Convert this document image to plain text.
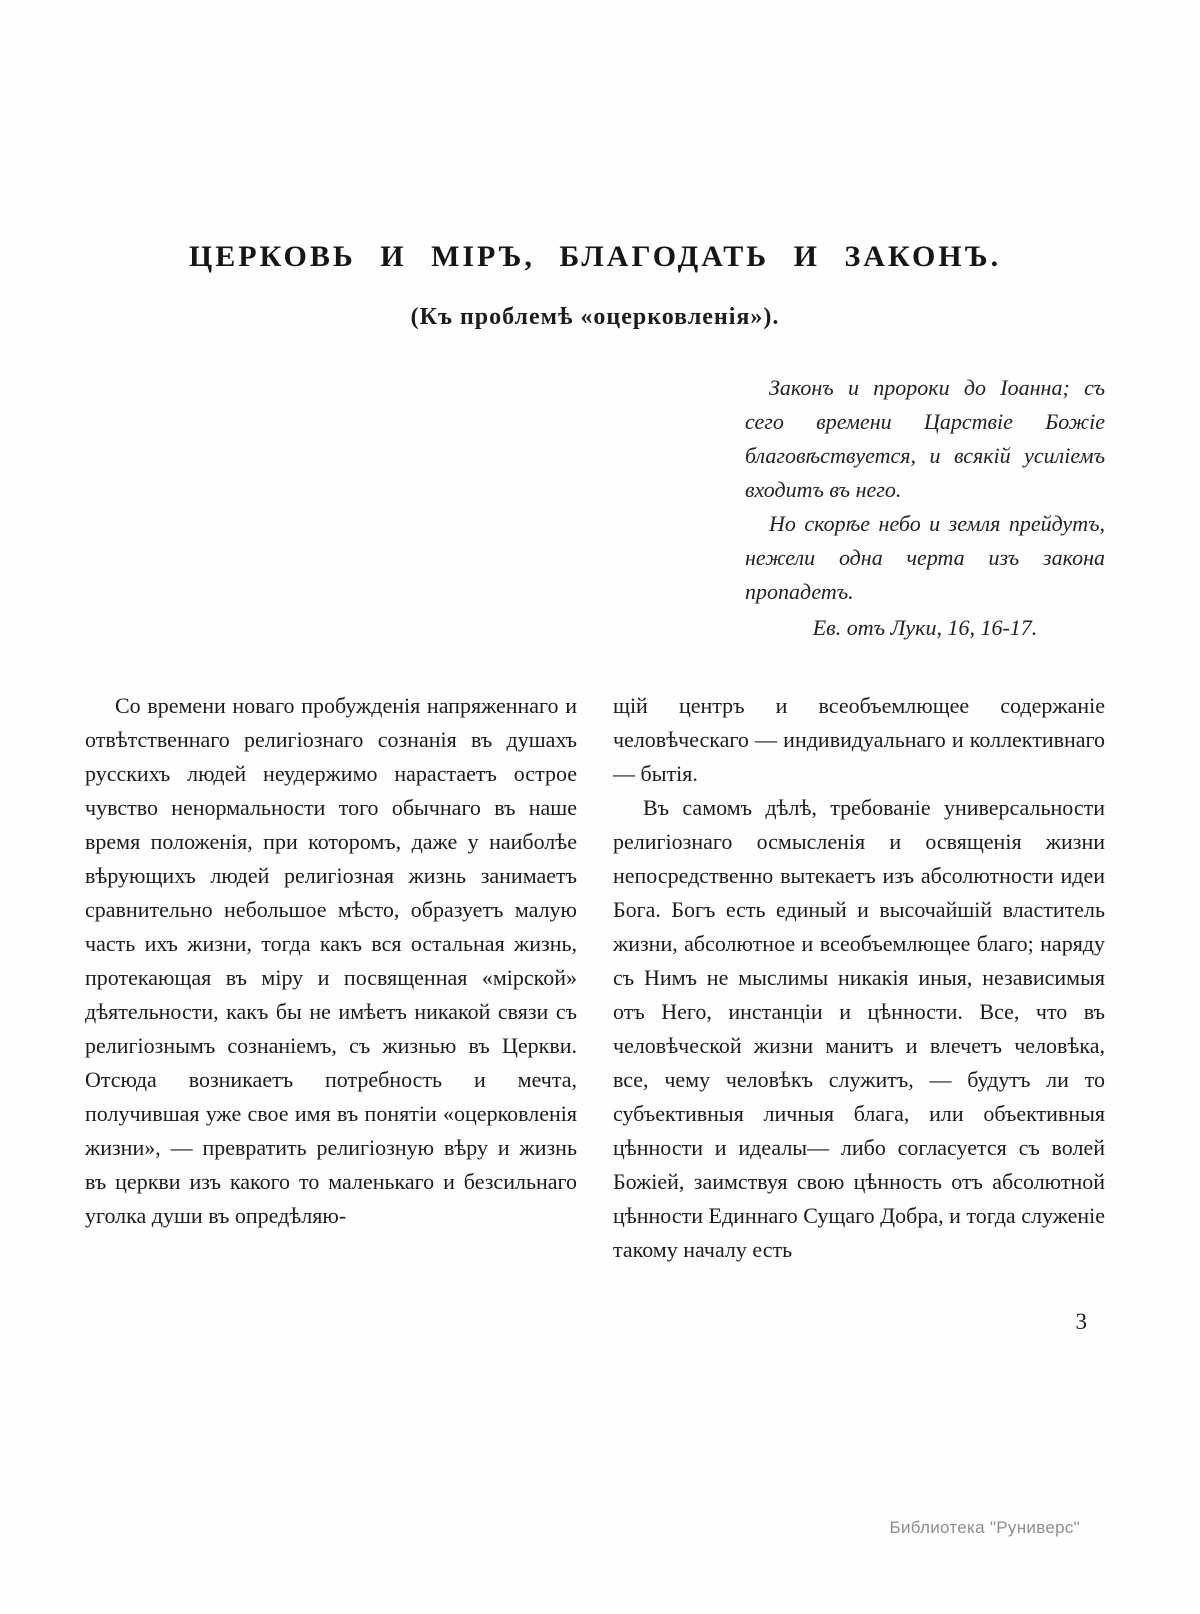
ЦЕРКОВЬ И МІРЪ, БЛАГОДАТЬ И ЗАКОНЪ.
(Къ проблемѣ «оцерковленія»).

Законъ и пророки до Іоанна; съ сего времени Царствіе Божіе благовѣствуется, и всякій усиліемъ входитъ въ него.

Но скорѣе небо и земля прейдутъ, нежели одна черта изъ закона пропадетъ.

Ев. отъ Луки, 16, 16-17.

Со времени новаго пробужденія напряженнаго и отвѣтственнаго религіознаго сознанія въ душахъ русскихъ людей неудержимо нарастаетъ острое чувство ненормальности того обычнаго въ наше время положенія, при которомъ, даже у наиболѣе вѣрующихъ людей религіозная жизнь занимаетъ сравнительно небольшое мѣсто, образуетъ малую часть ихъ жизни, тогда какъ вся остальная жизнь, протекающая въ міру и посвященная «мірской» дѣятельности, какъ бы не имѣетъ никакой связи съ религіознымъ сознаніемъ, съ жизнью въ Церкви. Отсюда возникаетъ потребность и мечта, получившая уже свое имя въ понятіи «оцерковленія жизни», — превратить религіозную вѣру и жизнь въ церкви изъ какого то маленькаго и безсильнаго уголка души въ опредѣляю-

щій центръ и всеобъемлющее содержаніе человѣческаго — индивидуальнаго и коллективнаго — бытія.

Въ самомъ дѣлѣ, требованіе универсальности религіознаго осмысленія и освященія жизни непосредственно вытекаетъ изъ абсолютности идеи Бога. Богъ есть единый и высочайшій властитель жизни, абсолютное и всеобъемлющее благо; наряду съ Нимъ не мыслимы никакія иныя, независимыя отъ Него, инстанціи и цѣнности. Все, что въ человѣческой жизни манитъ и влечетъ человѣка, все, чему человѣкъ служитъ, — будутъ ли то субъективныя личныя блага, или объективныя цѣнности и идеалы— либо согласуется съ волей Божіей, заимствуя свою цѣнность отъ абсолютной цѣнности Единнаго Сущаго Добра, и тогда служеніе такому началу есть

3
Библиотека "Руниверс"
